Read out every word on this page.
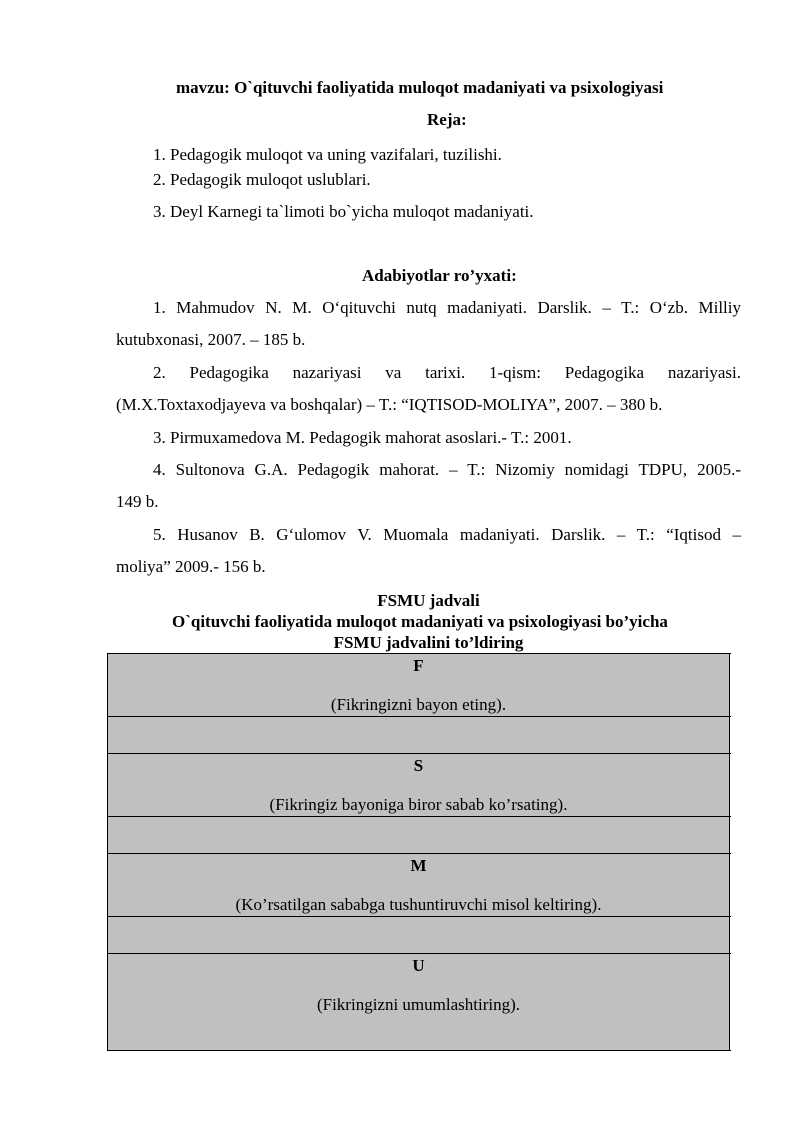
mavzu: O`qituvchi faoliyatida muloqot madaniyati va psixologiyasi
Reja:
1. Pedagogik muloqot va uning vazifalari, tuzilishi.
2. Pedagogik muloqot uslublari.
3. Deyl Karnegi ta`limoti bo`yicha muloqot madaniyati.
Adabiyotlar ro’yxati:
1. Mahmudov N. M. O‘qituvchi nutq madaniyati. Darslik. – T.: O‘zb. Milliy
kutubxonasi, 2007. – 185 b.
2. Pedagogika nazariyasi va tarixi. 1-qism: Pedagogika nazariyasi.
(M.X.Toxtaxodjayeva va boshqalar) – T.: “IQTISOD-MOLIYA”, 2007. – 380 b.
3. Pirmuxamedova M. Pedagogik mahorat asoslari.- T.: 2001.
4. Sultonova G.A. Pedagogik mahorat. – T.: Nizomiy nomidagi TDPU, 2005.-
149 b.
5. Husanov B. G‘ulomov V. Muomala madaniyati. Darslik. – T.: “Iqtisod –
moliya” 2009.- 156 b.
FSMU jadvali
O`qituvchi faoliyatida muloqot madaniyati va psixologiyasi bo’yicha
FSMU jadvalini to’ldiring
F
(Fikringizni bayon eting).
S
(Fikringiz bayoniga biror sabab ko’rsating).
M
(Ko’rsatilgan sababga tushuntiruvchi misol keltiring).
U
(Fikringizni umumlashtiring).
